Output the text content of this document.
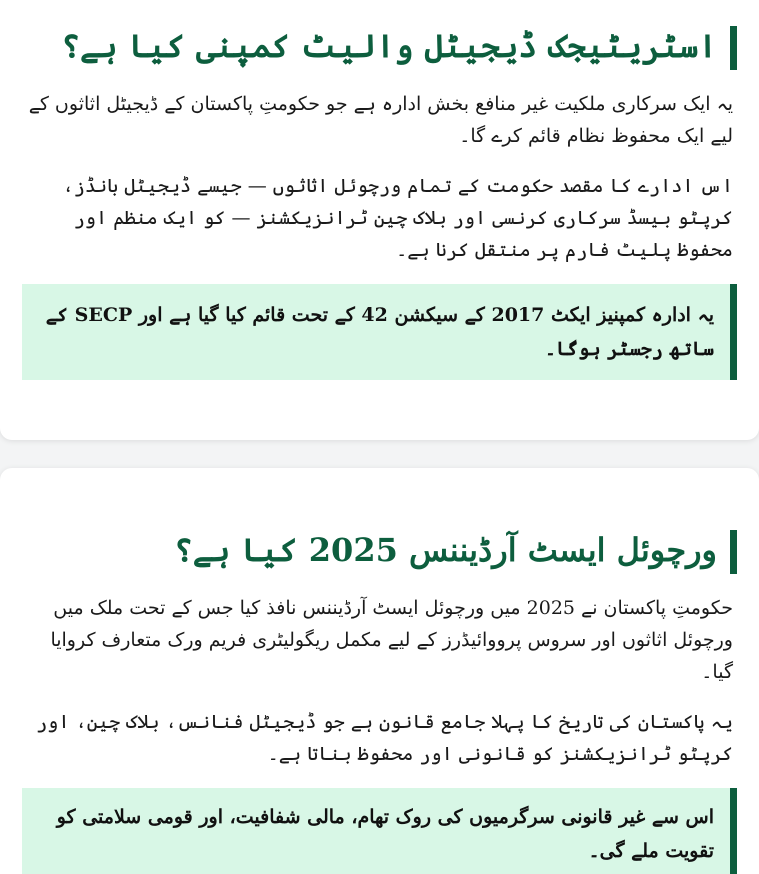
اسٹریٹیجک ڈیجیٹل والیٹ کمپنی کیا ہے؟

یہ ایک سرکاری ملکیت غیر منافع بخش ادارہ ہے جو حکومتِ پاکستان کے ڈیجیٹل اثاثوں کے لیے ایک محفوظ نظام قائم کرے گا۔

اس ادارے کا مقصد حکومت کے تمام ورچوئل اثاثوں — جیسے ڈیجیٹل بانڈز، کرپٹو بیسڈ سرکاری کرنسی اور بلاک چین ٹرانزیکشنز — کو ایک منظم اور محفوظ پلیٹ فارم پر منتقل کرنا ہے۔

یہ ادارہ کمپنیز ایکٹ 2017 کے سیکشن 42 کے تحت قائم کیا گیا ہے اور SECP کے ساتھ رجسٹر ہوگا۔
ورچوئل ایسٹ آرڈیننس 2025 کیا ہے؟

حکومتِ پاکستان نے 2025 میں ورچوئل ایسٹ آرڈیننس نافذ کیا جس کے تحت ملک میں ورچوئل اثاثوں اور سروس پرووائیڈرز کے لیے مکمل ریگولیٹری فریم ورک متعارف کروایا گیا۔

یہ پاکستان کی تاریخ کا پہلا جامع قانون ہے جو ڈیجیٹل فنانس، بلاک چین، اور کرپٹو ٹرانزیکشنز کو قانونی اور محفوظ بناتا ہے۔

اس سے غیر قانونی سرگرمیوں کی روک تھام، مالی شفافیت، اور قومی سلامتی کو تقویت ملے گی۔
